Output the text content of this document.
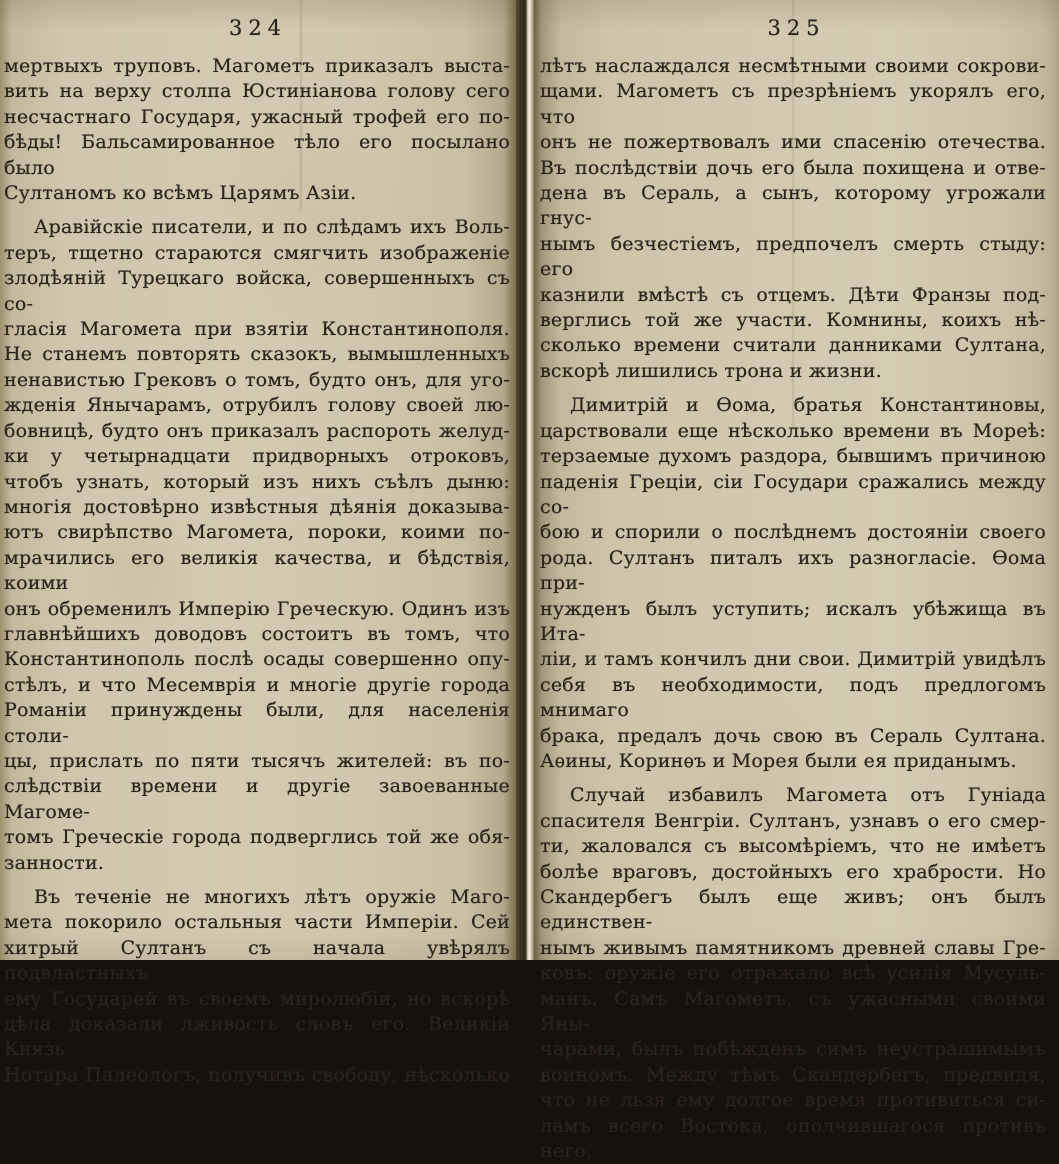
324
мертвыхъ труповъ. Магометъ приказалъ выста-
вить на верху столпа Юстиніанова голову сего
несчастнаго Государя, ужасный трофей его по-
бѣды! Бальсамированное тѣло его посылано было
Султаномъ ко всѣмъ Царямъ Азіи.
Аравійскіе писатели, и по слѣдамъ ихъ Воль-
теръ, тщетно стараются смягчить изображеніе
злодѣяній Турецкаго войска, совершенныхъ съ со-
гласія Магомета при взятіи Константинополя.
Не станемъ повторять сказокъ, вымышленныхъ
ненавистью Грековъ о томъ, будто онъ, для уго-
жденія Янычарамъ, отрубилъ голову своей лю-
бовницѣ, будто онъ приказалъ распороть желуд-
ки у четырнадцати придворныхъ отроковъ,
чтобъ узнать, который изъ нихъ съѣлъ дыню:
многія достовѣрно извѣстныя дѣянія доказыва-
ютъ свирѣпство Магомета, пороки, коими по-
мрачились его великія качества, и бѣдствія, коими
онъ обременилъ Имперію Греческую. Одинъ изъ
главнѣйшихъ доводовъ состоитъ въ томъ, что
Константинополь послѣ осады совершенно опу-
стѣлъ, и что Месемврія и многіе другіе города
Романіи принуждены были, для населенія столи-
цы, прислать по пяти тысячъ жителей: въ по-
слѣдствіи времени и другіе завоеванные Магоме-
томъ Греческіе города подверглись той же обя-
занности.
Въ теченіе не многихъ лѣтъ оружіе Маго-
мета покорило остальныя части Имперіи. Сей
хитрый Султанъ съ начала увѣрялъ подвластныхъ
ему Государей въ своемъ миролюбіи, но вскорѣ
дѣла доказали лживость словъ его. Великій Князь
Нотара Палеологъ, получивъ свободу, нѣсколько
325
лѣтъ наслаждался несмѣтными своими сокрови-
щами. Магометъ съ презрѣніемъ укорялъ его, что
онъ не пожертвовалъ ими спасенію отечества.
Въ послѣдствіи дочь его была похищена и отве-
дена въ Сераль, а сынъ, которому угрожали гнус-
нымъ безчестіемъ, предпочелъ смерть стыду: его
казнили вмѣстѣ съ отцемъ. Дѣти Франзы под-
верглись той же участи. Комнины, коихъ нѣ-
сколько времени считали данниками Султана,
вскорѣ лишились трона и жизни.
Димитрій и Ѳома, братья Константиновы,
царствовали еще нѣсколько времени въ Мореѣ:
терзаемые духомъ раздора, бывшимъ причиною
паденія Греціи, сіи Государи сражались между со-
бою и спорили о послѣднемъ достояніи своего
рода. Султанъ питалъ ихъ разногласіе. Ѳома при-
нужденъ былъ уступить; искалъ убѣжища въ Ита-
ліи, и тамъ кончилъ дни свои. Димитрій увидѣлъ
себя въ необходимости, подъ предлогомъ мнимаго
брака, предалъ дочь свою въ Сераль Султана.
Аѳины, Коринѳъ и Морея были ея приданымъ.
Случай избавилъ Магомета отъ Гуніада
спасителя Венгріи. Султанъ, узнавъ о его смер-
ти, жаловался съ высомѣріемъ, что не имѣетъ
болѣе враговъ, достойныхъ его храбрости. Но
Скандербегъ былъ еще живъ; онъ былъ единствен-
нымъ живымъ памятникомъ древней славы Гре-
ковъ: оружіе его отражало всѣ усилія Мусуль-
манъ. Самъ Магометъ, съ ужасными своими Яны-
чарами, былъ побѣжденъ симъ неустрашимымъ
воиномъ. Между тѣмъ Скандербегъ, предвидя,
что не льзя ему долгое время противиться си-
ламъ всего Востока, ополчившагося противъ него,
